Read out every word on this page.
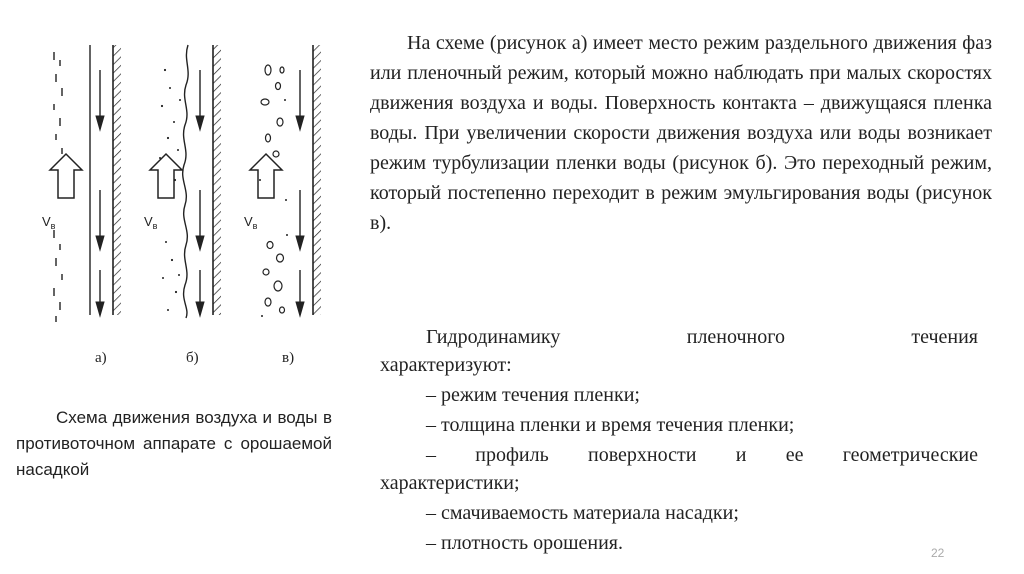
$V_в$	$V_в$	$V_в$
а)	б)	в)
Схема движения воздуха и воды в противоточном аппарате с орошаемой насадкой
На схеме (рисунок а) имеет место режим раздельного движения фаз или пленочный режим, который можно наблюдать при малых скоростях движения воздуха и воды. Поверхность контакта – движущаяся пленка воды. При увеличении скорости движения воздуха или воды возникает режим турбулизации пленки воды (рисунок б). Это переходный режим, который постепенно переходит в режим эмульгирования воды (рисунок в).
Гидродинамику пленочного течения
характеризуют:
– режим течения пленки;
– толщина пленки и время течения пленки;
– профиль поверхности и ее геометрические
характеристики;
– смачиваемость материала насадки;
– плотность орошения.	22
